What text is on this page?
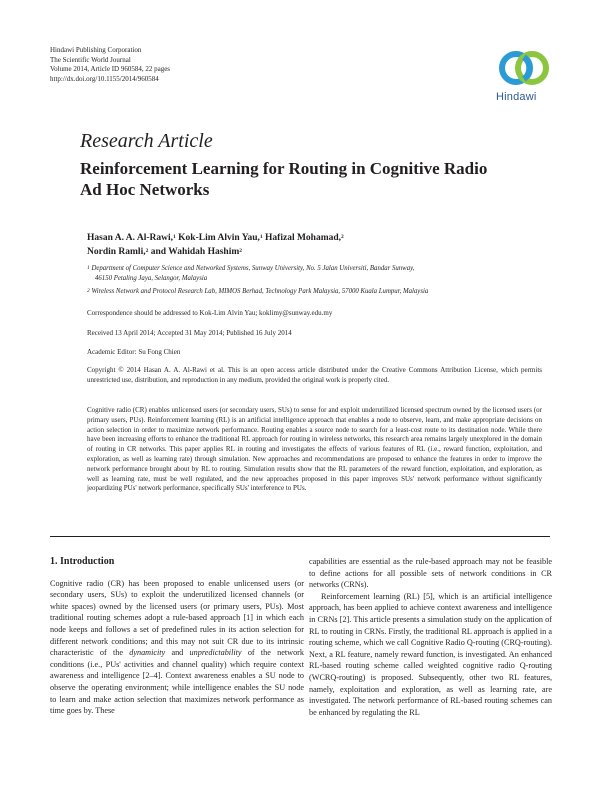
Hindawi Publishing Corporation
The Scientific World Journal
Volume 2014, Article ID 960584, 22 pages
http://dx.doi.org/10.1155/2014/960584
Hindawi
Research Article
Reinforcement Learning for Routing in Cognitive Radio Ad Hoc Networks
Hasan A. A. Al-Rawi,$^1$ Kok-Lim Alvin Yau,$^1$ Hafizal Mohamad,$^2$
Nordin Ramli,$^2$ and Wahidah Hashim$^2$
$^1$ Department of Computer Science and Networked Systems, Sunway University, No. 5 Jalan Universiti, Bandar Sunway,
46150 Petaling Jaya, Selangor, Malaysia
$^2$ Wireless Network and Protocol Research Lab, MIMOS Berhad, Technology Park Malaysia, 57000 Kuala Lumpur, Malaysia
Correspondence should be addressed to Kok-Lim Alvin Yau; koklimy@sunway.edu.my
Received 13 April 2014; Accepted 31 May 2014; Published 16 July 2014
Academic Editor: Su Fong Chien
Copyright © 2014 Hasan A. A. Al-Rawi et al. This is an open access article distributed under the Creative Commons Attribution License, which permits unrestricted use, distribution, and reproduction in any medium, provided the original work is properly cited.
Cognitive radio (CR) enables unlicensed users (or secondary users, SUs) to sense for and exploit underutilized licensed spectrum owned by the licensed users (or primary users, PUs). Reinforcement learning (RL) is an artificial intelligence approach that enables a node to observe, learn, and make appropriate decisions on action selection in order to maximize network performance. Routing enables a source node to search for a least-cost route to its destination node. While there have been increasing efforts to enhance the traditional RL approach for routing in wireless networks, this research area remains largely unexplored in the domain of routing in CR networks. This paper applies RL in routing and investigates the effects of various features of RL (i.e., reward function, exploitation, and exploration, as well as learning rate) through simulation. New approaches and recommendations are proposed to enhance the features in order to improve the network performance brought about by RL to routing. Simulation results show that the RL parameters of the reward function, exploitation, and exploration, as well as learning rate, must be well regulated, and the new approaches proposed in this paper improves SUs' network performance without significantly jeopardizing PUs' network performance, specifically SUs' interference to PUs.
1. Introduction

Cognitive radio (CR) has been proposed to enable unlicensed users (or secondary users, SUs) to exploit the underutilized licensed channels (or white spaces) owned by the licensed users (or primary users, PUs). Most traditional routing schemes adopt a rule-based approach [1] in which each node keeps and follows a set of predefined rules in its action selection for different network conditions; and this may not suit CR due to its intrinsic characteristic of the dynamicity and unpredictability of the network conditions (i.e., PUs' activities and channel quality) which require context awareness and intelligence [2–4]. Context awareness enables a SU node to observe the operating environment; while intelligence enables the SU node to learn and make action selection that maximizes network performance as time goes by. These

capabilities are essential as the rule-based approach may not be feasible to define actions for all possible sets of network conditions in CR networks (CRNs).

Reinforcement learning (RL) [5], which is an artificial intelligence approach, has been applied to achieve context awareness and intelligence in CRNs [2]. This article presents a simulation study on the application of RL to routing in CRNs. Firstly, the traditional RL approach is applied in a routing scheme, which we call Cognitive Radio Q-routing (CRQ-routing). Next, a RL feature, namely reward function, is investigated. An enhanced RL-based routing scheme called weighted cognitive radio Q-routing (WCRQ-routing) is proposed. Subsequently, other two RL features, namely, exploitation and exploration, as well as learning rate, are investigated. The network performance of RL-based routing schemes can be enhanced by regulating the RL
